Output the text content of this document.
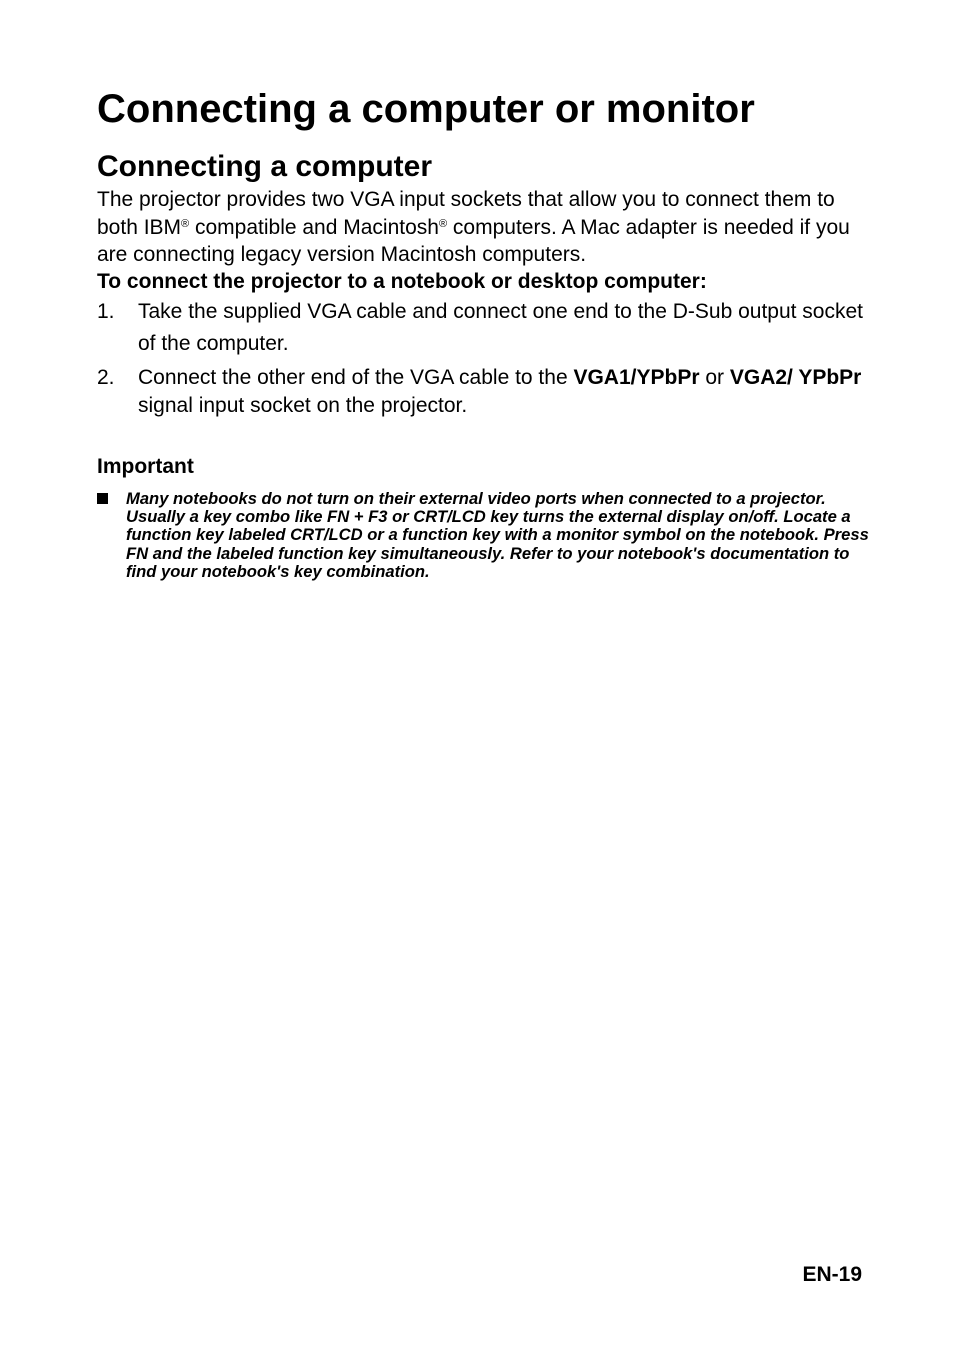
Connecting a computer or monitor
Connecting a computer

The projector provides two VGA input sockets that allow you to connect them to both IBM® compatible and Macintosh® computers. A Mac adapter is needed if you are connecting legacy version Macintosh computers.

To connect the projector to a notebook or desktop computer:

1. Take the supplied VGA cable and connect one end to the D-Sub output socket of the computer.
2. Connect the other end of the VGA cable to the VGA1/YPbPr or VGA2/ YPbPr signal input socket on the projector.

Important

Many notebooks do not turn on their external video ports when connected to a projector. Usually a key combo like FN + F3 or CRT/LCD key turns the external display on/off. Locate a function key labeled CRT/LCD or a function key with a monitor symbol on the notebook. Press FN and the labeled function key simultaneously. Refer to your notebook's documentation to find your notebook's key combination.

EN-19
